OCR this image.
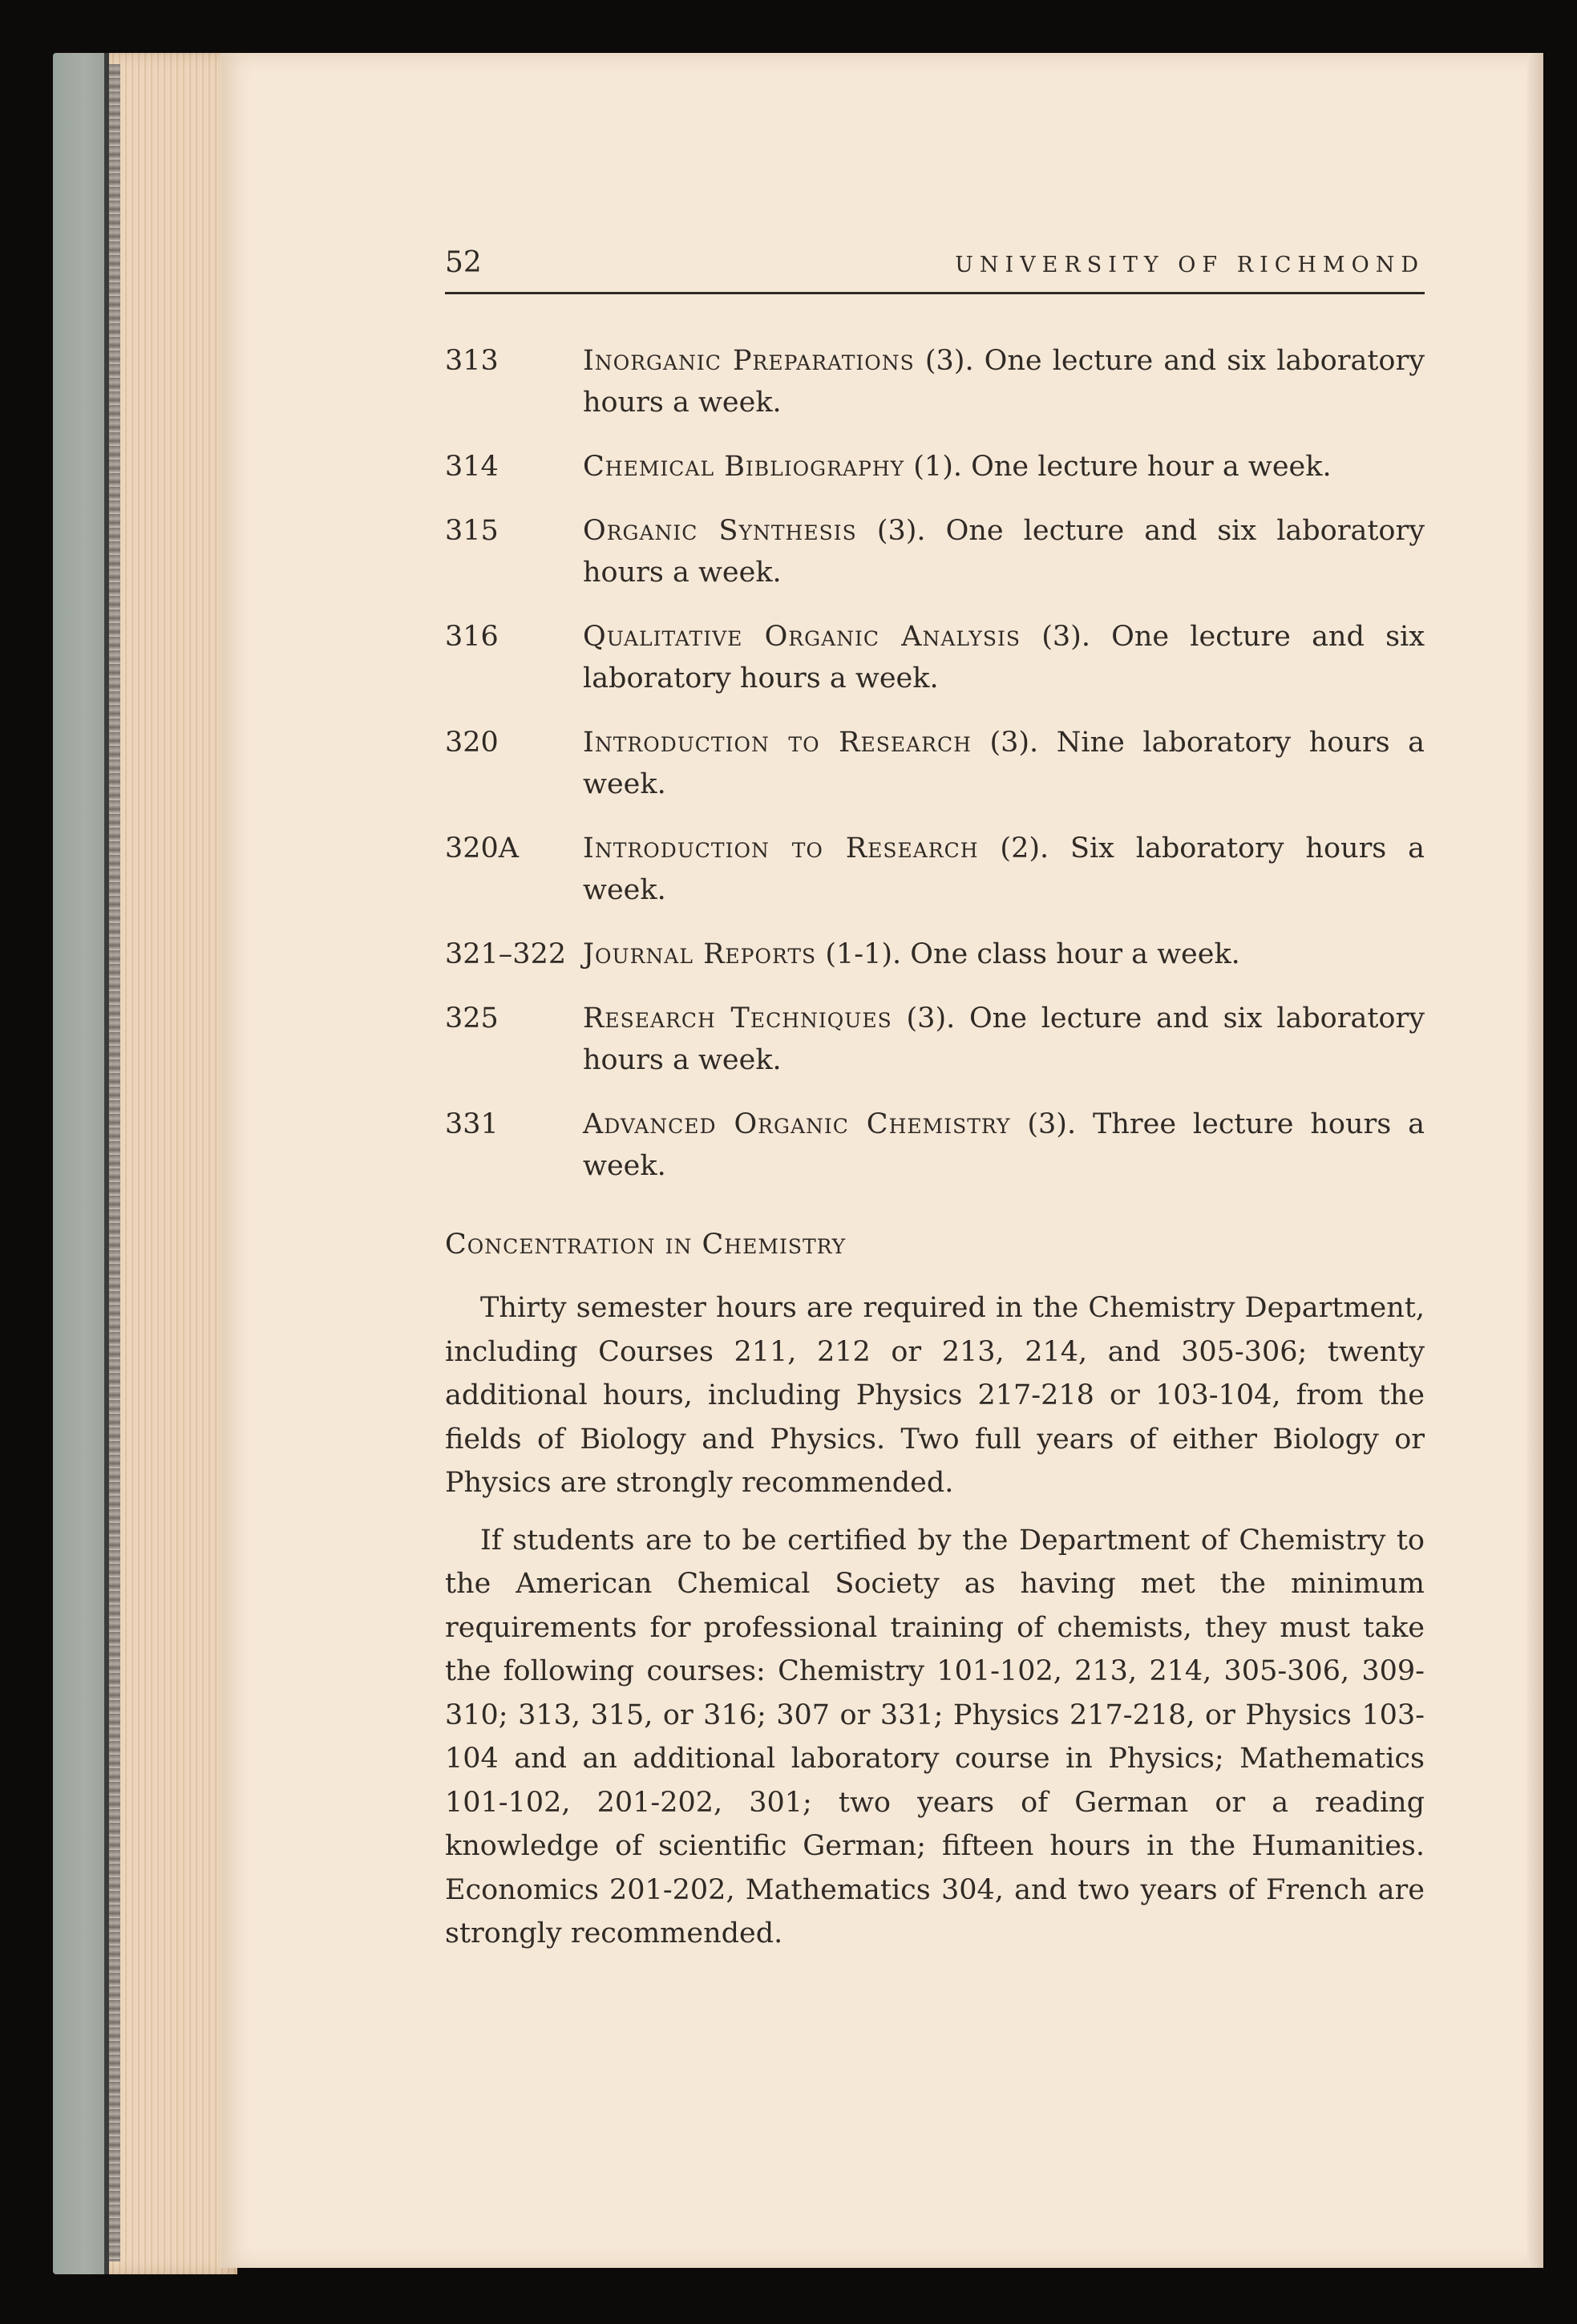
52	UNIVERSITY OF RICHMOND
313	Inorganic Preparations (3). One lecture and six laboratory hours a week.
314	Chemical Bibliography (1). One lecture hour a week.
315	Organic Synthesis (3). One lecture and six laboratory hours a week.
316	Qualitative Organic Analysis (3). One lecture and six laboratory hours a week.
320	Introduction to Research (3). Nine laboratory hours a week.
320A	Introduction to Research (2). Six laboratory hours a week.
321–322 Journal Reports (1-1). One class hour a week.
325	Research Techniques (3). One lecture and six laboratory hours a week.
331	Advanced Organic Chemistry (3). Three lecture hours a week.
Concentration in Chemistry

Thirty semester hours are required in the Chemistry Department, including Courses 211, 212 or 213, 214, and 305-306; twenty additional hours, including Physics 217-218 or 103-104, from the fields of Biology and Physics. Two full years of either Biology or Physics are strongly recommended.

If students are to be certified by the Department of Chemistry to the American Chemical Society as having met the minimum requirements for professional training of chemists, they must take the following courses: Chemistry 101-102, 213, 214, 305-306, 309-310; 313, 315, or 316; 307 or 331; Physics 217-218, or Physics 103-104 and an additional laboratory course in Physics; Mathematics 101-102, 201-202, 301; two years of German or a reading knowledge of scientific German; fifteen hours in the Humanities. Economics 201-202, Mathematics 304, and two years of French are strongly recommended.
